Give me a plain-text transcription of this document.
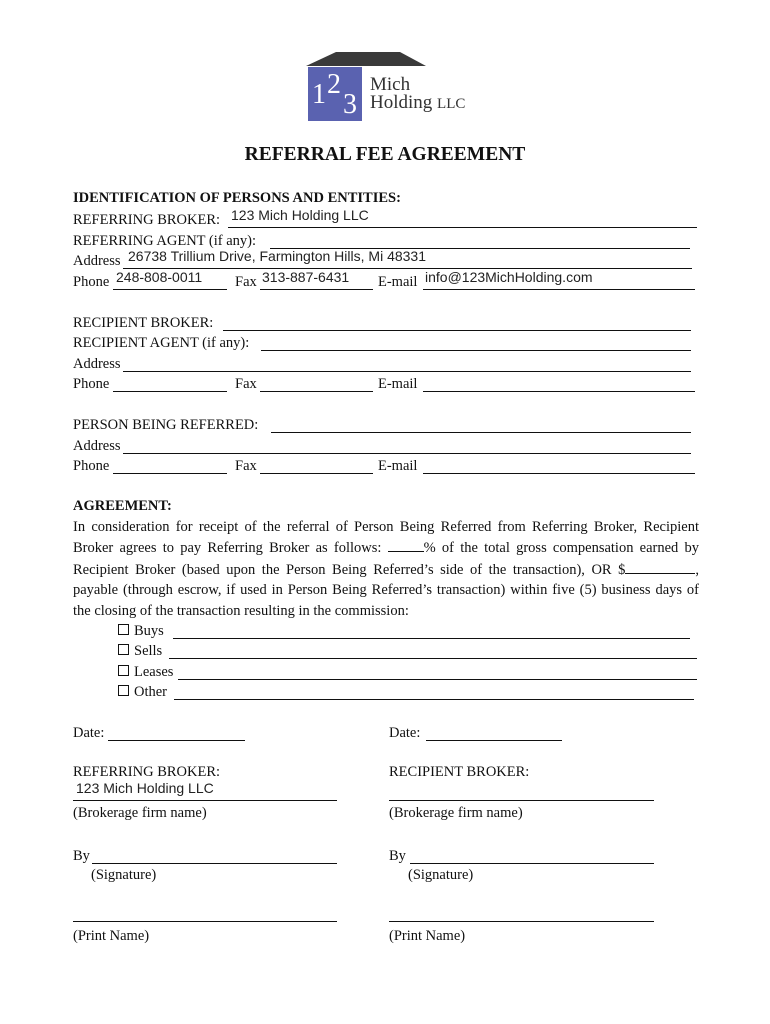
1 2
3
Mich
Holding LLC
REFERRAL FEE AGREEMENT
IDENTIFICATION OF PERSONS AND ENTITIES:
REFERRING BROKER: 123 Mich Holding LLC
REFERRING AGENT (if any):
Address 26738 Trillium Drive, Farmington Hills, Mi 48331
Phone 248-808-0011 Fax 313-887-6431 E-mail info@123MichHolding.com
RECIPIENT BROKER:
RECIPIENT AGENT (if any):
Address
Phone	Fax	E-mail
PERSON BEING REFERRED:
Address
Phone	Fax	E-mail
AGREEMENT:
In consideration for receipt of the referral of Person Being Referred from Referring Broker, Recipient Broker agrees to pay Referring Broker as follows:	% of the total gross compensation earned by Recipient Broker (based upon the Person Being Referred’s side of the transaction), OR $	, payable (through escrow, if used in Person Being Referred’s transaction) within five (5) business days of the closing of the transaction resulting in the commission:
Buys
Sells
Leases
Other
Date:
REFERRING BROKER:
123 Mich Holding LLC
(Brokerage firm name)
By
(Signature)
(Print Name)
Date:
RECIPIENT BROKER:
(Brokerage firm name)
By
(Signature)
(Print Name)
